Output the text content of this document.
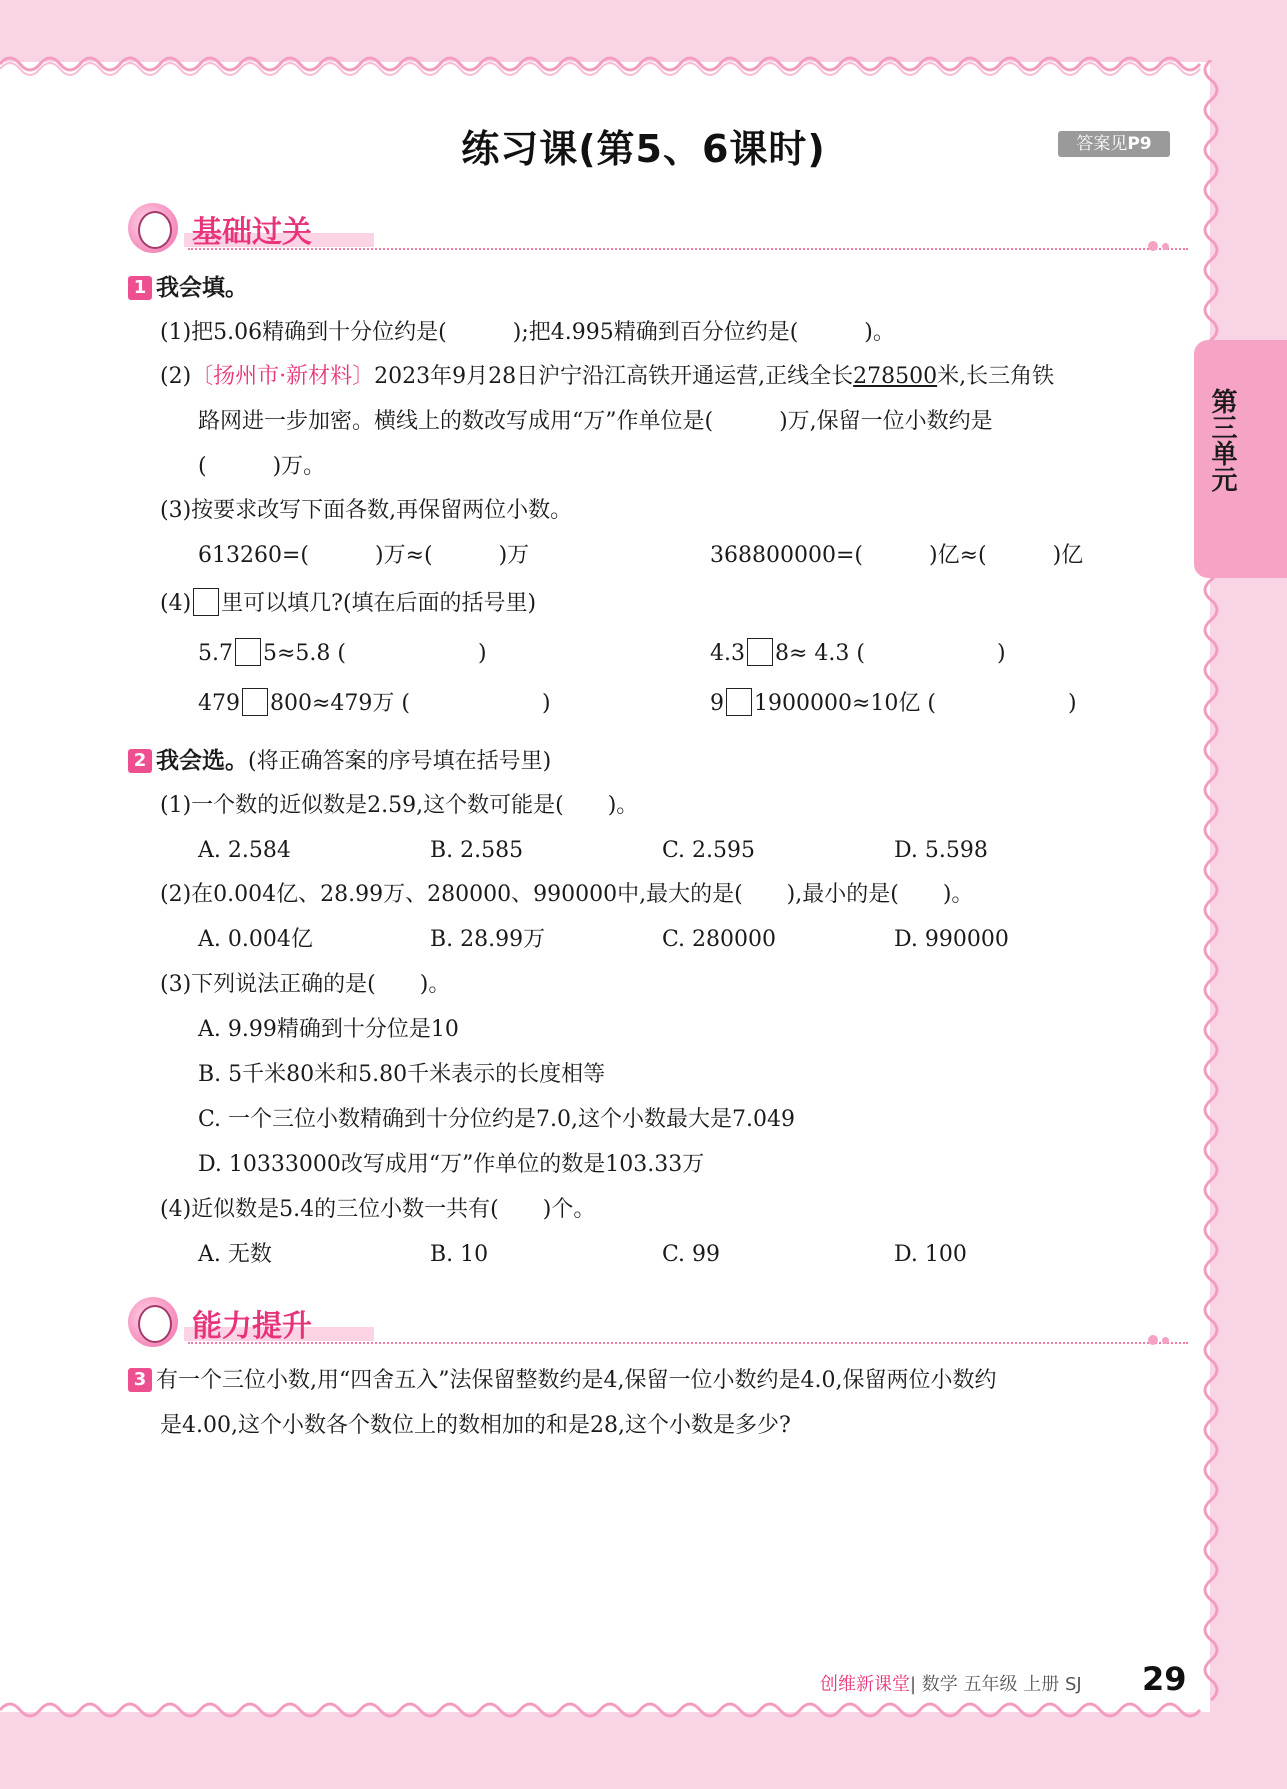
练习课(第5、6课时)	答案见P9
第三单元
基础过关
1 我会填。
(1)把5.06精确到十分位约是(　　　);把4.995精确到百分位约是(　　　)。
(2)〔扬州市·新材料〕2023年9月28日沪宁沿江高铁开通运营,正线全长278500米,长三角铁
路网进一步加密。横线上的数改写成用“万”作单位是(　　　)万,保留一位小数约是
(　　　)万。
(3)按要求改写下面各数,再保留两位小数。
613260=(　　　)万≈(　　　)万	368800000=(　　　)亿≈(　　　)亿
(4) 里可以填几?(填在后面的括号里)
5.7 5≈5.8 (　　　　　　)	4.3 8≈ 4.3 (　　　　　　)
479 800≈479万 (　　　　　　)	9 1900000≈10亿 (　　　　　　)
2 我会选。(将正确答案的序号填在括号里)
(1)一个数的近似数是2.59,这个数可能是(　　)。
A. 2.584	B. 2.585	C. 2.595	D. 5.598
(2)在0.004亿、28.99万、280000、990000中,最大的是(　　),最小的是(　　)。
A. 0.004亿	B. 28.99万	C. 280000	D. 990000
(3)下列说法正确的是(　　)。
A. 9.99精确到十分位是10
B. 5千米80米和5.80千米表示的长度相等
C. 一个三位小数精确到十分位约是7.0,这个小数最大是7.049
D. 10333000改写成用“万”作单位的数是103.33万
(4)近似数是5.4的三位小数一共有(　　)个。
A. 无数	B. 10	C. 99	D. 100
能力提升
3 有一个三位小数,用“四舍五入”法保留整数约是4,保留一位小数约是4.0,保留两位小数约
是4.00,这个小数各个数位上的数相加的和是28,这个小数是多少?
创维新课堂| 数学 五年级 上册 SJ 29
